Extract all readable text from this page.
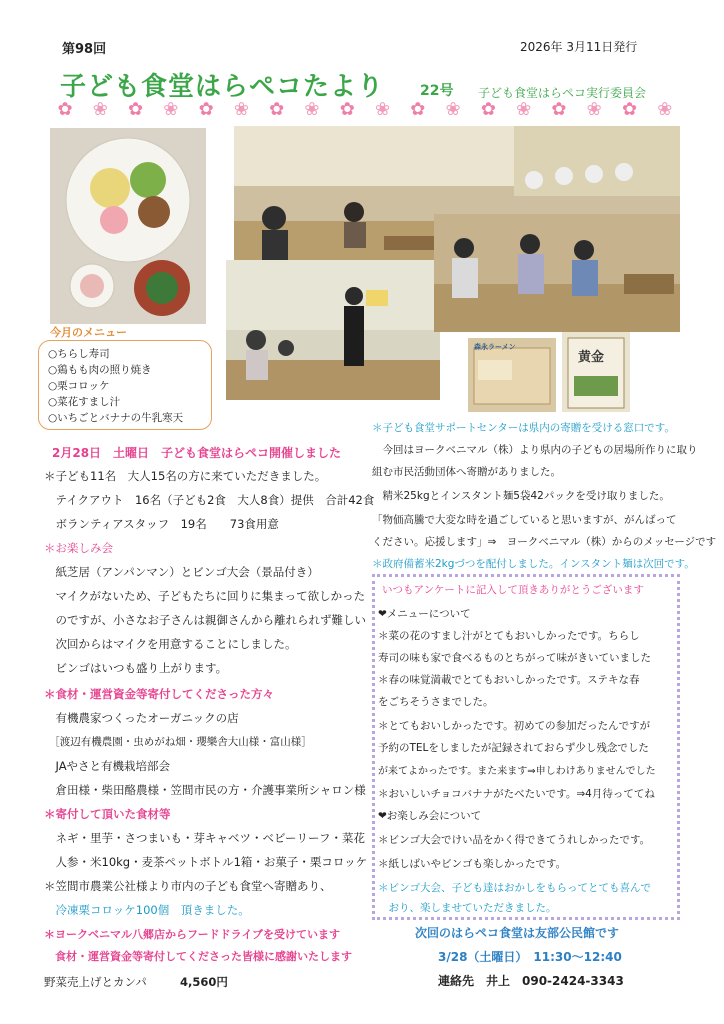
第98回	2026年 3月11日発行
子ども食堂はらペコたより	22号 子ども食堂はらペコ実行委員会
✿ ❀ ✿ ❀ ✿ ❀ ✿ ❀ ✿ ❀ ✿ ❀ ✿ ❀ ✿ ❀ ✿ ❀
森永ラーメン
黄金
今月のメニュー
○ちらし寿司
○鶏もも肉の照り焼き
○栗コロッケ
○菜花すまし汁
○いちごとバナナの牛乳寒天
2月28日　土曜日　子ども食堂はらペコ開催しました
＊子ども11名　大人15名の方に来ていただきました。
　テイクアウト　16名（子ども2食　大人8食）提供　合計42食
　ボランティアスタッフ　19名　　73食用意
＊お楽しみ会
　紙芝居（アンパンマン）とビンゴ大会（景品付き）
　マイクがないため、子どもたちに回りに集まって欲しかった
　のですが、小さなお子さんは親御さんから離れられず難しい
　次回からはマイクを用意することにしました。
　ビンゴはいつも盛り上がります。
＊食材・運営資金等寄付してくださった方々
　有機農家つくったオーガニックの店
　［渡辺有機農園・虫めがね畑・瓔樂舎大山様・富山様］
　JAやさと有機栽培部会
　倉田様・柴田酪農様・笠間市民の方・介護事業所シャロン様
＊寄付して頂いた食材等
　ネギ・里芋・さつまいも・芽キャベツ・ベビーリーフ・菜花
　人参・米10kg・麦茶ペットボトル1箱・お菓子・栗コロッケ
＊笠間市農業公社様より市内の子ども食堂へ寄贈あり、
　冷凍栗コロッケ100個　頂きました。
＊ヨークベニマル八郷店からフードドライブを受けています
　食材・運営資金等寄付してくださった皆様に感謝いたします
野菜売上げとカンパ	4,560円
＊子ども食堂サポートセンターは県内の寄贈を受ける窓口です。
　今回はヨークベニマル（株）より県内の子どもの居場所作りに取り
組む市民活動団体へ寄贈がありました。
　精米25kgとインスタント麺5袋42パックを受け取りました。
「物価高騰で大変な時を過ごしていると思いますが、がんばって
ください。応援します」⇒　ヨークベニマル（株）からのメッセージです
＊政府備蓄米2kgづつを配付しました。インスタント麺は次回です。
いつもアンケートに記入して頂きありがとうございます
❤メニューについて
＊菜の花のすまし汁がとてもおいしかったです。ちらし
寿司の味も家で食べるものとちがって味がきいていました
＊春の味覚満載でとてもおいしかったです。ステキな春
をごちそうさまでした。
＊とてもおいしかったです。初めての参加だったんですが
予約のTELをしましたが記録されておらず少し残念でした
が来てよかったです。また来ます⇒申しわけありませんでした
＊おいしいチョコバナナがたべたいです。⇒4月待っててね
❤お楽しみ会について
＊ビンゴ大会でけい品をかく得できてうれしかったです。
＊紙しばいやビンゴも楽しかったです。
＊ビンゴ大会、子ども達はおかしをもらってとても喜んで
　おり、楽しませていただきました。
次回のはらペコ食堂は友部公民館です
3/28（土曜日）　11:30～12:40
連絡先　井上　090-2424-3343
